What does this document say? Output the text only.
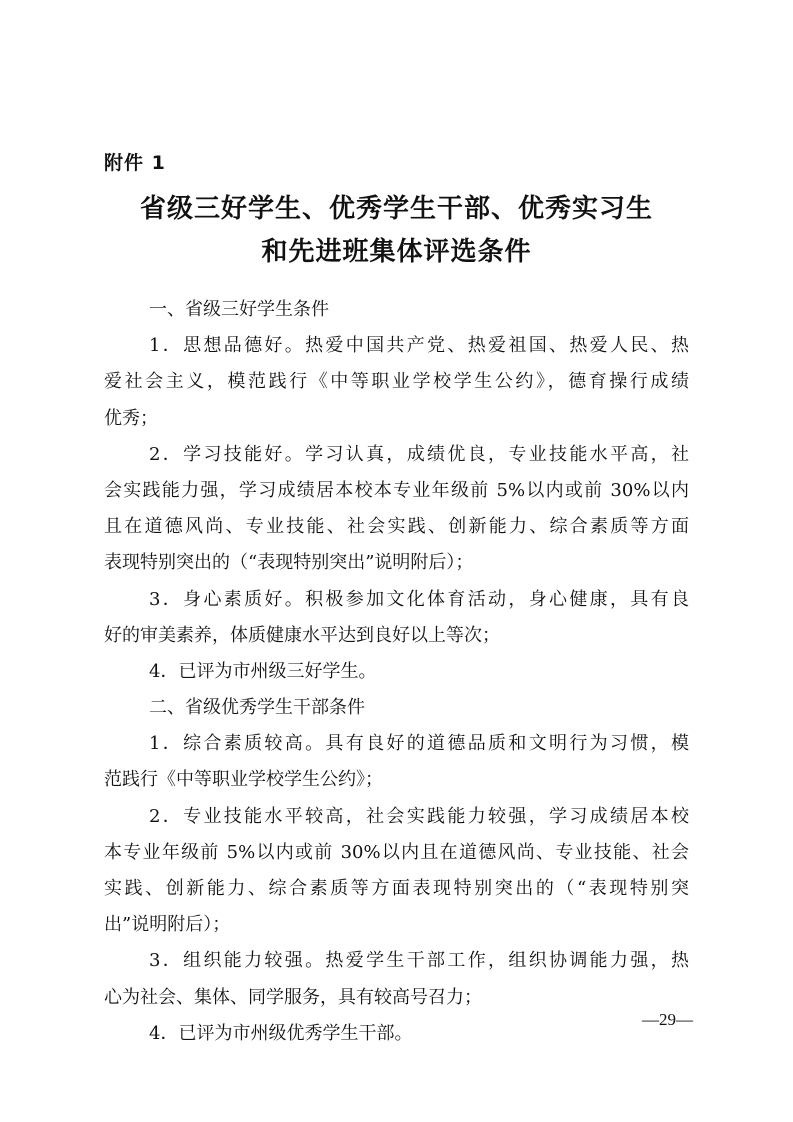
附件 1
省级三好学生、优秀学生干部、优秀实习生
和先进班集体评选条件
一、省级三好学生条件
1．思想品德好。热爱中国共产党、热爱祖国、热爱人民、热
爱社会主义，模范践行《中等职业学校学生公约》，德育操行成绩
优秀；
2．学习技能好。学习认真，成绩优良，专业技能水平高，社
会实践能力强，学习成绩居本校本专业年级前 5%以内或前 30%以内
且在道德风尚、专业技能、社会实践、创新能力、综合素质等方面
表现特别突出的（“表现特别突出”说明附后）；
3．身心素质好。积极参加文化体育活动，身心健康，具有良
好的审美素养，体质健康水平达到良好以上等次；
4．已评为市州级三好学生。
二、省级优秀学生干部条件
1．综合素质较高。具有良好的道德品质和文明行为习惯，模
范践行《中等职业学校学生公约》；
2．专业技能水平较高，社会实践能力较强，学习成绩居本校
本专业年级前 5%以内或前 30%以内且在道德风尚、专业技能、社会
实践、创新能力、综合素质等方面表现特别突出的（“表现特别突
出”说明附后）；
3．组织能力较强。热爱学生干部工作，组织协调能力强，热
心为社会、集体、同学服务，具有较高号召力；
4．已评为市州级优秀学生干部。
—29—
